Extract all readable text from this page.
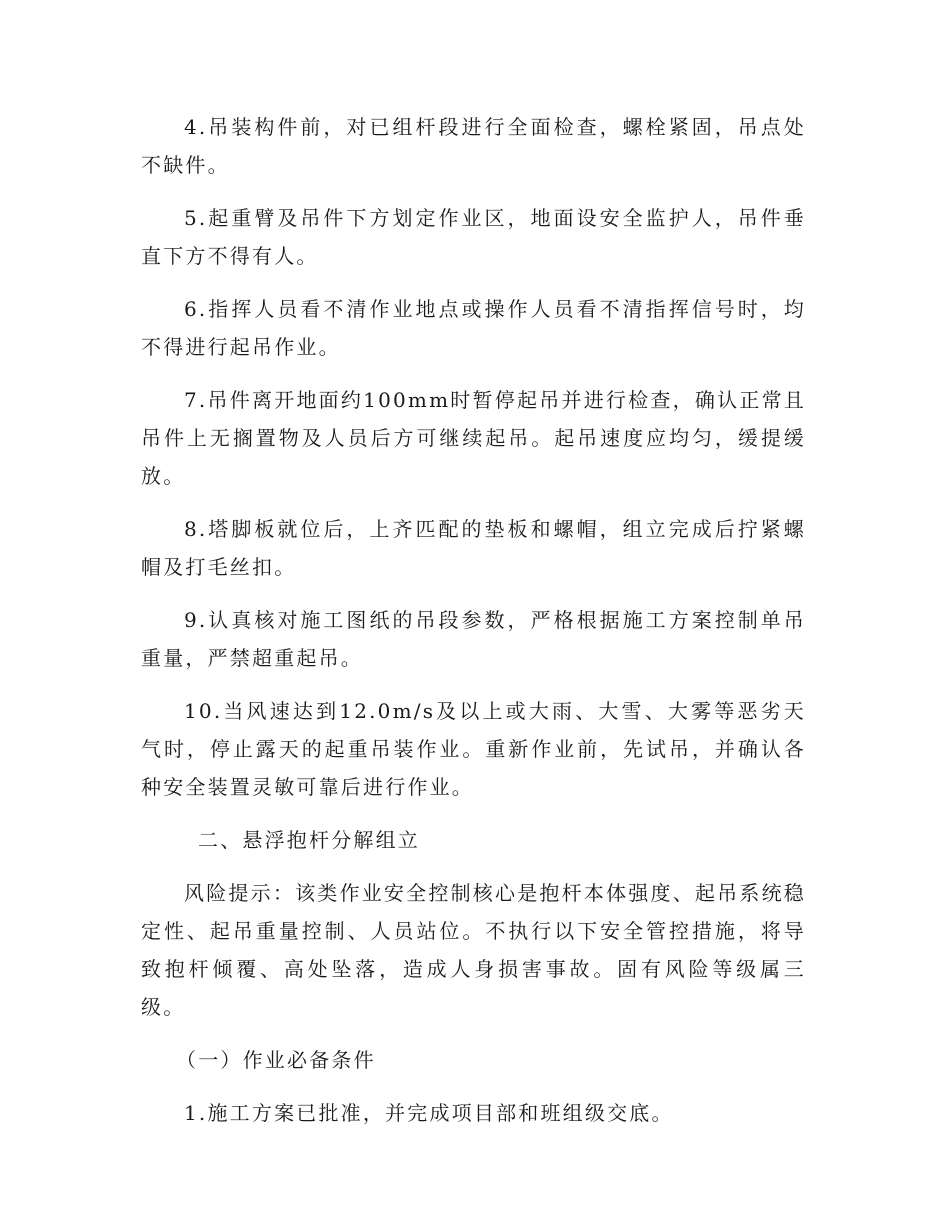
4.吊装构件前，对已组杆段进行全面检查，螺栓紧固，吊点处不缺件。

5.起重臂及吊件下方划定作业区，地面设安全监护人，吊件垂直下方不得有人。

6.指挥人员看不清作业地点或操作人员看不清指挥信号时，均不得进行起吊作业。

7.吊件离开地面约100mm时暂停起吊并进行检查，确认正常且吊件上无搁置物及人员后方可继续起吊。起吊速度应均匀，缓提缓放。

8.塔脚板就位后，上齐匹配的垫板和螺帽，组立完成后拧紧螺帽及打毛丝扣。

9.认真核对施工图纸的吊段参数，严格根据施工方案控制单吊重量，严禁超重起吊。

10.当风速达到12.0m/s及以上或大雨、大雪、大雾等恶劣天气时，停止露天的起重吊装作业。重新作业前，先试吊，并确认各种安全装置灵敏可靠后进行作业。

二、悬浮抱杆分解组立

风险提示：该类作业安全控制核心是抱杆本体强度、起吊系统稳定性、起吊重量控制、人员站位。不执行以下安全管控措施，将导致抱杆倾覆、高处坠落，造成人身损害事故。固有风险等级属三级。

（一）作业必备条件

1.施工方案已批准，并完成项目部和班组级交底。
